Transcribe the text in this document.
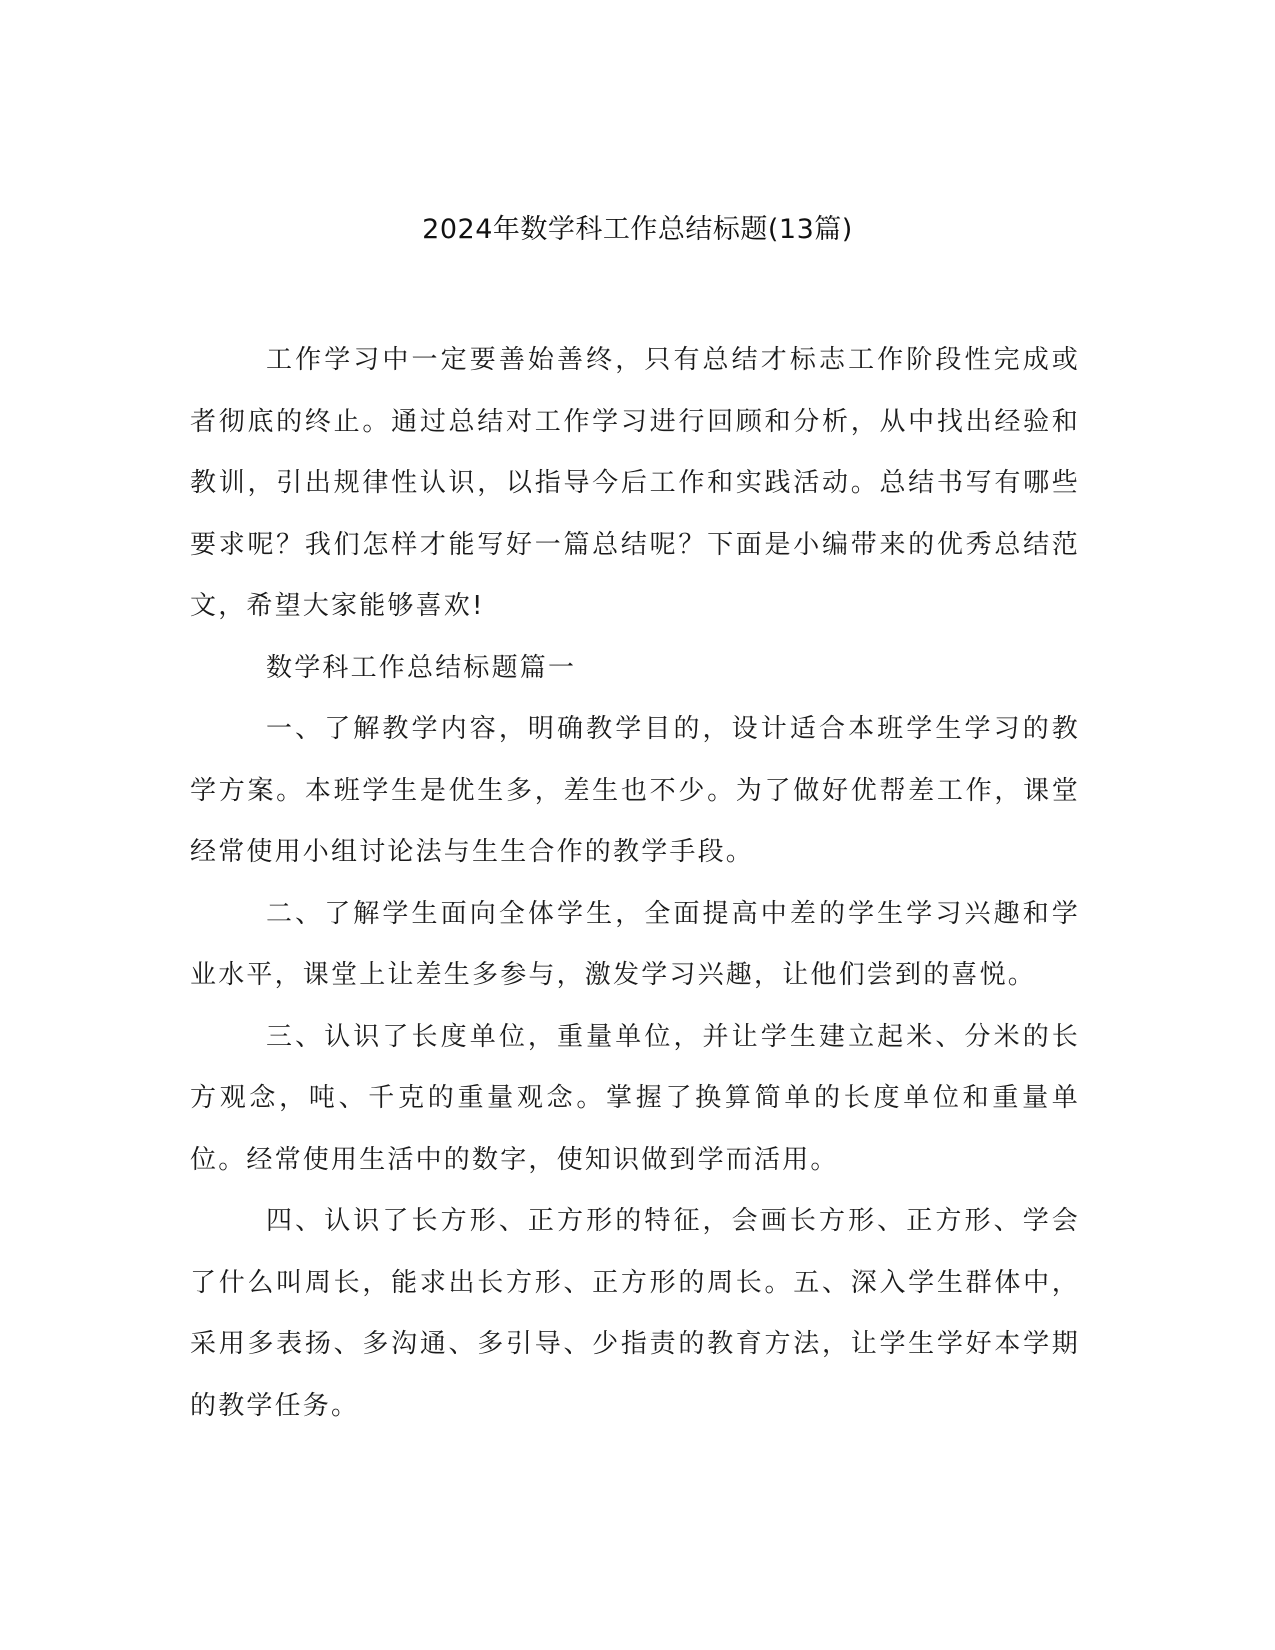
2024年数学科工作总结标题(13篇)

工作学习中一定要善始善终，只有总结才标志工作阶段性完成或者彻底的终止。通过总结对工作学习进行回顾和分析，从中找出经验和教训，引出规律性认识，以指导今后工作和实践活动。总结书写有哪些要求呢？我们怎样才能写好一篇总结呢？下面是小编带来的优秀总结范文，希望大家能够喜欢!

数学科工作总结标题篇一

一、了解教学内容，明确教学目的，设计适合本班学生学习的教学方案。本班学生是优生多，差生也不少。为了做好优帮差工作，课堂经常使用小组讨论法与生生合作的教学手段。

二、了解学生面向全体学生，全面提高中差的学生学习兴趣和学业水平，课堂上让差生多参与，激发学习兴趣，让他们尝到的喜悦。

三、认识了长度单位，重量单位，并让学生建立起米、分米的长方观念，吨、千克的重量观念。掌握了换算简单的长度单位和重量单位。经常使用生活中的数字，使知识做到学而活用。

四、认识了长方形、正方形的特征，会画长方形、正方形、学会了什么叫周长，能求出长方形、正方形的周长。五、深入学生群体中，采用多表扬、多沟通、多引导、少指责的教育方法，让学生学好本学期的教学任务。
